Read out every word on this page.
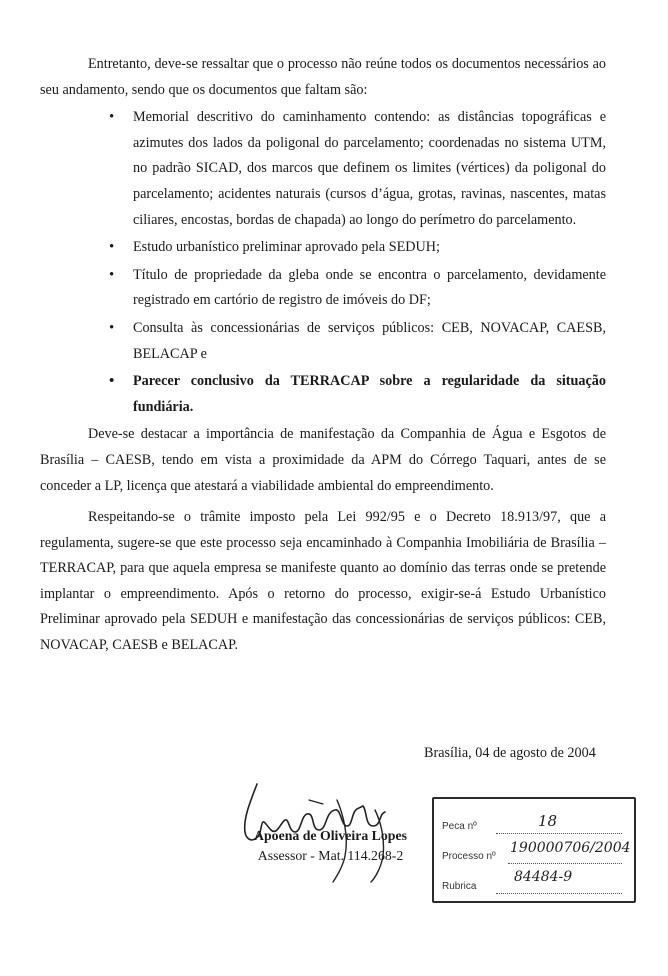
Entretanto, deve-se ressaltar que o processo não reúne todos os documentos necessários ao seu andamento, sendo que os documentos que faltam são:

• Memorial descritivo do caminhamento contendo: as distâncias topográficas e azimutes dos lados da poligonal do parcelamento; coordenadas no sistema UTM, no padrão SICAD, dos marcos que definem os limites (vértices) da poligonal do parcelamento; acidentes naturais (cursos d’água, grotas, ravinas, nascentes, matas ciliares, encostas, bordas de chapada) ao longo do perímetro do parcelamento.
• Estudo urbanístico preliminar aprovado pela SEDUH;
• Título de propriedade da gleba onde se encontra o parcelamento, devidamente registrado em cartório de registro de imóveis do DF;
• Consulta às concessionárias de serviços públicos: CEB, NOVACAP, CAESB, BELACAP e
• Parecer conclusivo da TERRACAP sobre a regularidade da situação fundiária.

Deve-se destacar a importância de manifestação da Companhia de Água e Esgotos de Brasília – CAESB, tendo em vista a proximidade da APM do Córrego Taquari, antes de se conceder a LP, licença que atestará a viabilidade ambiental do empreendimento.

Respeitando-se o trâmite imposto pela Lei 992/95 e o Decreto 18.913/97, que a regulamenta, sugere-se que este processo seja encaminhado à Companhia Imobiliária de Brasília – TERRACAP, para que aquela empresa se manifeste quanto ao domínio das terras onde se pretende implantar o empreendimento. Após o retorno do processo, exigir-se-á Estudo Urbanístico Preliminar aprovado pela SEDUH e manifestação das concessionárias de serviços públicos: CEB, NOVACAP, CAESB e BELACAP.

Brasília, 04 de agosto de 2004
Apoena de Oliveira Lopes
Assessor - Mat. 114.268-2
Peca nº	18
Processo nº
190000706/2004
Rubrica
84484-9
